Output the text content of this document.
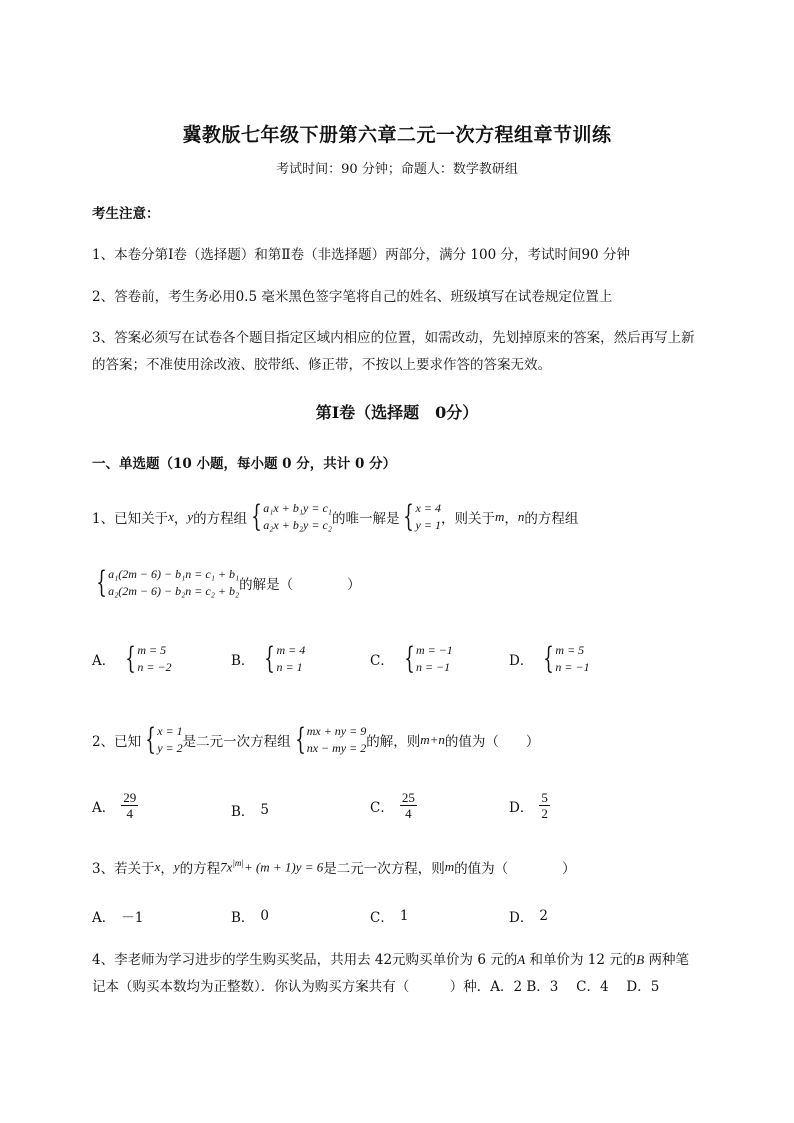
冀教版七年级下册第六章二元一次方程组章节训练
考试时间：90 分钟；命题人：数学教研组
考生注意：
1、本卷分第Ⅰ卷（选择题）和第Ⅱ卷（非选择题）两部分，满分 100 分，考试时间90 分钟
2、答卷前，考生务必用0.5 毫米黑色签字笔将自己的姓名、班级填写在试卷规定位置上
3、答案必须写在试卷各个题目指定区域内相应的位置，如需改动，先划掉原来的答案，然后再写上新
的答案；不准使用涂改液、胶带纸、修正带，不按以上要求作答的答案无效。
第Ⅰ卷（选择题　0分）
一、单选题（10 小题，每小题 0 分，共计 0 分）
1、已知关于 x ， y 的方程组 { a₁x + b₁y = c₁
a₂x + b₂y = c₂ 的唯一解是 { x = 4
y = 1 ，则关于 m ， n 的方程组
{ a₁(2m − 6) − b₁n = c₁ + b₁
a₂(2m − 6) − b₂n = c₂ + b₂ 的解是（　　　　）
A． { m = 5
n = −2	B． { m = 4
n = 1	C． { m = −1
n = −1	D． { m = 5
n = −1
2、已知 { x = 1
y = 2 是二元一次方程组 { mx + ny = 9
nx − my = 2 的解，则 m+n 的值为（　　）
A． $\frac{29}{4}$	B． 5	C． $\frac{25}{4}$	D． $\frac{5}{2}$
3、若关于 x ， y 的方程 $7x^{|m|}+ (m + 1)y = 6$ 是二元一次方程，则 m 的值为（　　　　）
A． －1	B． 0	C． 1	D． 2
4、李老师为学习进步的学生购买奖品，共用去 42元购买单价为 6 元的A 和单价为 12 元的B 两种笔
记本（购买本数均为正整数）．你认为购买方案共有（　　　）种．A．2 B．3　 C．4　 D．5
